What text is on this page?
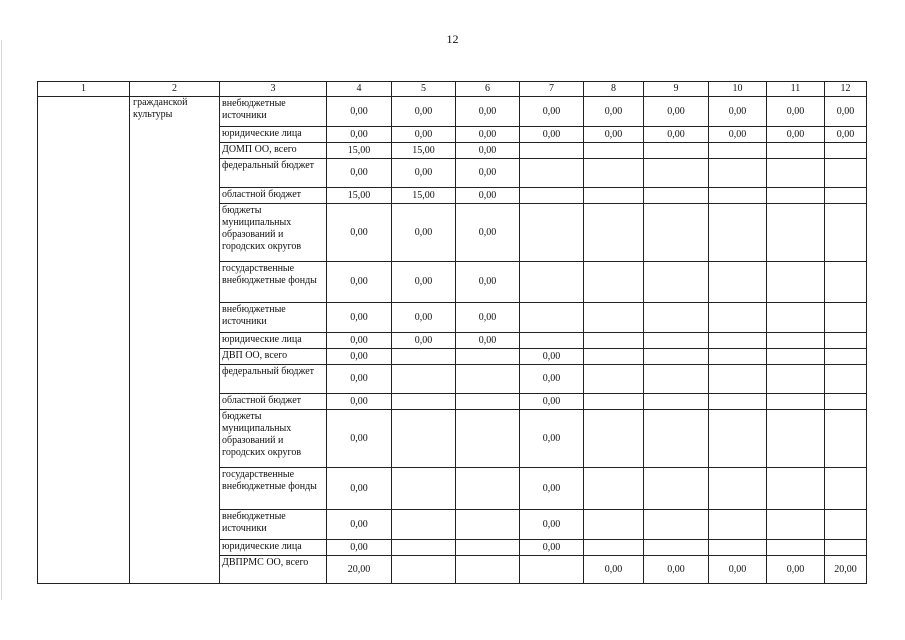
12
1	2	3	4	5	6	7	8	9	10	11	12
	гражданской культуры	внебюджетные источники	0,00	0,00	0,00	0,00	0,00	0,00	0,00	0,00	0,00
		юридические лица	0,00	0,00	0,00	0,00	0,00	0,00	0,00	0,00	0,00
		ДОМП ОО, всего	15,00	15,00	0,00						
		федеральный бюджет	0,00	0,00	0,00						
		областной бюджет	15,00	15,00	0,00						
		бюджеты муниципальных образований и городских округов	0,00	0,00	0,00						
		государственные внебюджетные фонды	0,00	0,00	0,00						
		внебюджетные источники	0,00	0,00	0,00						
		юридические лица	0,00	0,00	0,00						
		ДВП ОО, всего	0,00			0,00					
		федеральный бюджет	0,00			0,00					
		областной бюджет	0,00			0,00					
		бюджеты муниципальных образований и городских округов	0,00			0,00					
		государственные внебюджетные фонды	0,00			0,00					
		внебюджетные источники	0,00			0,00					
		юридические лица	0,00			0,00					
		ДВПРМС ОО, всего	20,00				0,00	0,00	0,00	0,00	20,00
